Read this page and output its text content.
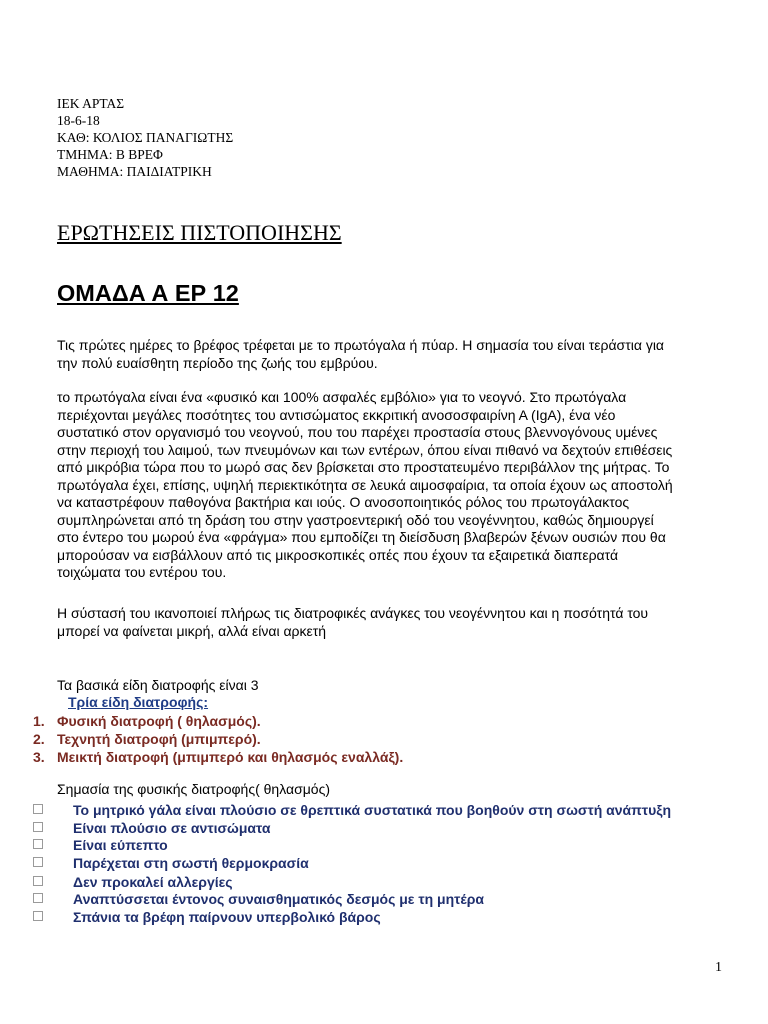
ΙΕΚ ΑΡΤΑΣ
18-6-18
ΚΑΘ: ΚΟΛΙΟΣ ΠΑΝΑΓΙΩΤΗΣ
ΤΜΗΜΑ: Β ΒΡΕΦ
ΜΑΘΗΜΑ: ΠΑΙΔΙΑΤΡΙΚΗ
ΕΡΩΤΗΣΕΙΣ ΠΙΣΤΟΠΟΙΗΣΗΣ
ΟΜΑΔΑ Α ΕΡ 12
Τις πρώτες ημέρες το βρέφος τρέφεται με το πρωτόγαλα ή πύαρ. Η σημασία του είναι τεράστια για
την πολύ ευαίσθητη περίοδο της ζωής του εμβρύου.
το πρωτόγαλα είναι ένα «φυσικό και 100% ασφαλές εμβόλιο» για το νεογνό. Στο πρωτόγαλα
περιέχονται μεγάλες ποσότητες του αντισώματος εκκριτική ανοσοσφαιρίνη Α (IgA), ένα νέο
συστατικό στον οργανισμό του νεογνού, που του παρέχει προστασία στους βλεννογόνους υμένες
στην περιοχή του λαιμού, των πνευμόνων και των εντέρων, όπου είναι πιθανό να δεχτούν επιθέσεις
από μικρόβια τώρα που το μωρό σας δεν βρίσκεται στο προστατευμένο περιβάλλον της μήτρας. Το
πρωτόγαλα έχει, επίσης, υψηλή περιεκτικότητα σε λευκά αιμοσφαίρια, τα οποία έχουν ως αποστολή
να καταστρέφουν παθογόνα βακτήρια και ιούς. Ο ανοσοποιητικός ρόλος του πρωτογάλακτος
συμπληρώνεται από τη δράση του στην γαστροεντερική οδό του νεογέννητου, καθώς δημιουργεί
στο έντερο του μωρού ένα «φράγμα» που εμποδίζει τη διείσδυση βλαβερών ξένων ουσιών που θα
μπορούσαν να εισβάλλουν από τις μικροσκοπικές οπές που έχουν τα εξαιρετικά διαπερατά
τοιχώματα του εντέρου του.
Η σύστασή του ικανοποιεί πλήρως τις διατροφικές ανάγκες του νεογέννητου και η ποσότητά του
μπορεί να φαίνεται μικρή, αλλά είναι αρκετή
Τα βασικά είδη διατροφής είναι 3
Τρία είδη διατροφής:
1. Φυσική διατροφή ( θηλασμός).
2. Τεχνητή διατροφή (μπιμπερό).
3. Μεικτή διατροφή (μπιμπερό και θηλασμός εναλλάξ).
Σημασία της φυσικής διατροφής( θηλασμός)
Το μητρικό γάλα είναι πλούσιο σε θρεπτικά συστατικά που βοηθούν στη σωστή ανάπτυξη
Είναι πλούσιο σε αντισώματα
Είναι εύπεπτο
Παρέχεται στη σωστή θερμοκρασία
Δεν προκαλεί αλλεργίες
Αναπτύσσεται έντονος συναισθηματικός δεσμός με τη μητέρα
Σπάνια τα βρέφη παίρνουν υπερβολικό βάρος
1
